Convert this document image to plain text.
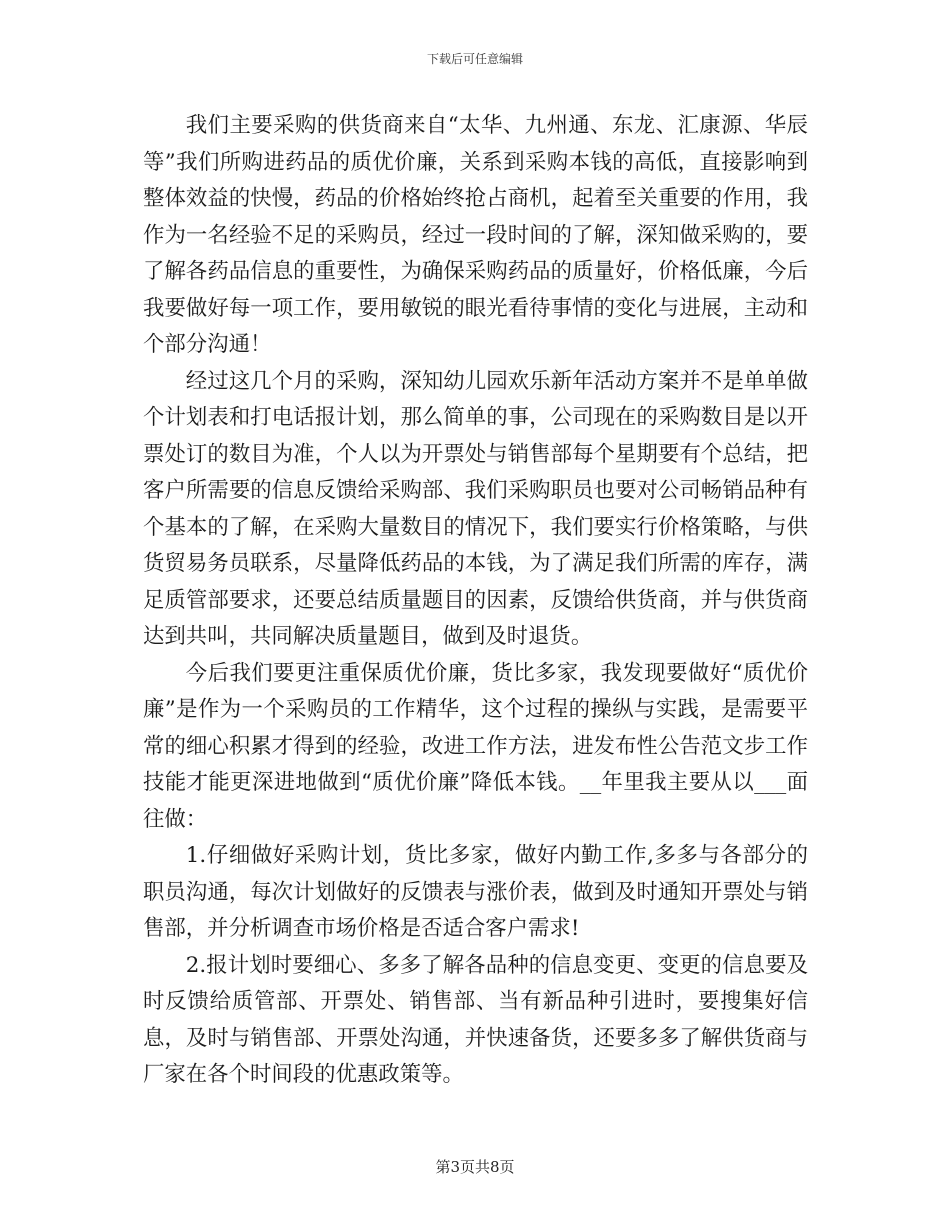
下载后可任意编辑

我们主要采购的供货商来自“太华、九州通、东龙、汇康源、华辰等”我们所购进药品的质优价廉，关系到采购本钱的高低，直接影响到整体效益的快慢，药品的价格始终抢占商机，起着至关重要的作用，我作为一名经验不足的采购员，经过一段时间的了解，深知做采购的，要了解各药品信息的重要性，为确保采购药品的质量好，价格低廉，今后我要做好每一项工作，要用敏锐的眼光看待事情的变化与进展，主动和个部分沟通！

经过这几个月的采购，深知幼儿园欢乐新年活动方案并不是单单做个计划表和打电话报计划，那么简单的事，公司现在的采购数目是以开票处订的数目为准，个人以为开票处与销售部每个星期要有个总结，把客户所需要的信息反馈给采购部、我们采购职员也要对公司畅销品种有个基本的了解，在采购大量数目的情况下，我们要实行价格策略，与供货贸易务员联系，尽量降低药品的本钱，为了满足我们所需的库存，满足质管部要求，还要总结质量题目的因素，反馈给供货商，并与供货商达到共叫，共同解决质量题目，做到及时退货。

今后我们要更注重保质优价廉，货比多家，我发现要做好“质优价廉”是作为一个采购员的工作精华，这个过程的操纵与实践，是需要平常的细心积累才得到的经验，改进工作方法，进发布性公告范文步工作技能才能更深进地做到“质优价廉”降低本钱。__年里我主要从以___面往做：

1.仔细做好采购计划，货比多家，做好内勤工作,多多与各部分的职员沟通，每次计划做好的反馈表与涨价表，做到及时通知开票处与销售部，并分析调查市场价格是否适合客户需求!

2.报计划时要细心、多多了解各品种的信息变更、变更的信息要及时反馈给质管部、开票处、销售部、当有新品种引进时，要搜集好信息，及时与销售部、开票处沟通，并快速备货，还要多多了解供货商与厂家在各个时间段的优惠政策等。

第3页共8页
